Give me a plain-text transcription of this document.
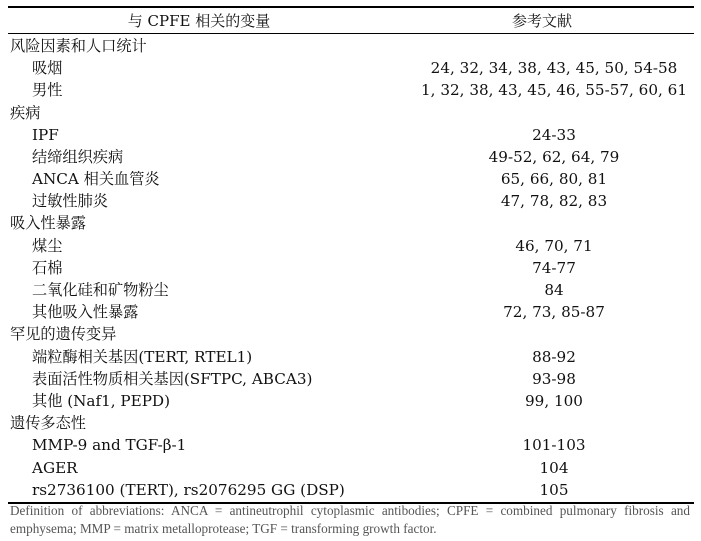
与 CPFE 相关的变量	参考文献
风险因素和人口统计
吸烟	24, 32, 34, 38, 43, 45, 50, 54-58
男性	1, 32, 38, 43, 45, 46, 55-57, 60, 61
疾病
IPF	24-33
结缔组织疾病	49-52, 62, 64, 79
ANCA 相关血管炎	65, 66, 80, 81
过敏性肺炎	47, 78, 82, 83
吸入性暴露
煤尘	46, 70, 71
石棉	74-77
二氧化硅和矿物粉尘	84
其他吸入性暴露	72, 73, 85-87
罕见的遗传变异
端粒酶相关基因(TERT, RTEL1)	88-92
表面活性物质相关基因(SFTPC, ABCA3)	93-98
其他 (Naf1, PEPD)	99, 100
遗传多态性
MMP-9 and TGF-β-1	101-103
AGER	104
rs2736100 (TERT), rs2076295 GG (DSP)	105
Definition of abbreviations: ANCA = antineutrophil cytoplasmic antibodies; CPFE = combined pulmonary fibrosis and emphysema; MMP = matrix metalloprotease; TGF = transforming growth factor.
